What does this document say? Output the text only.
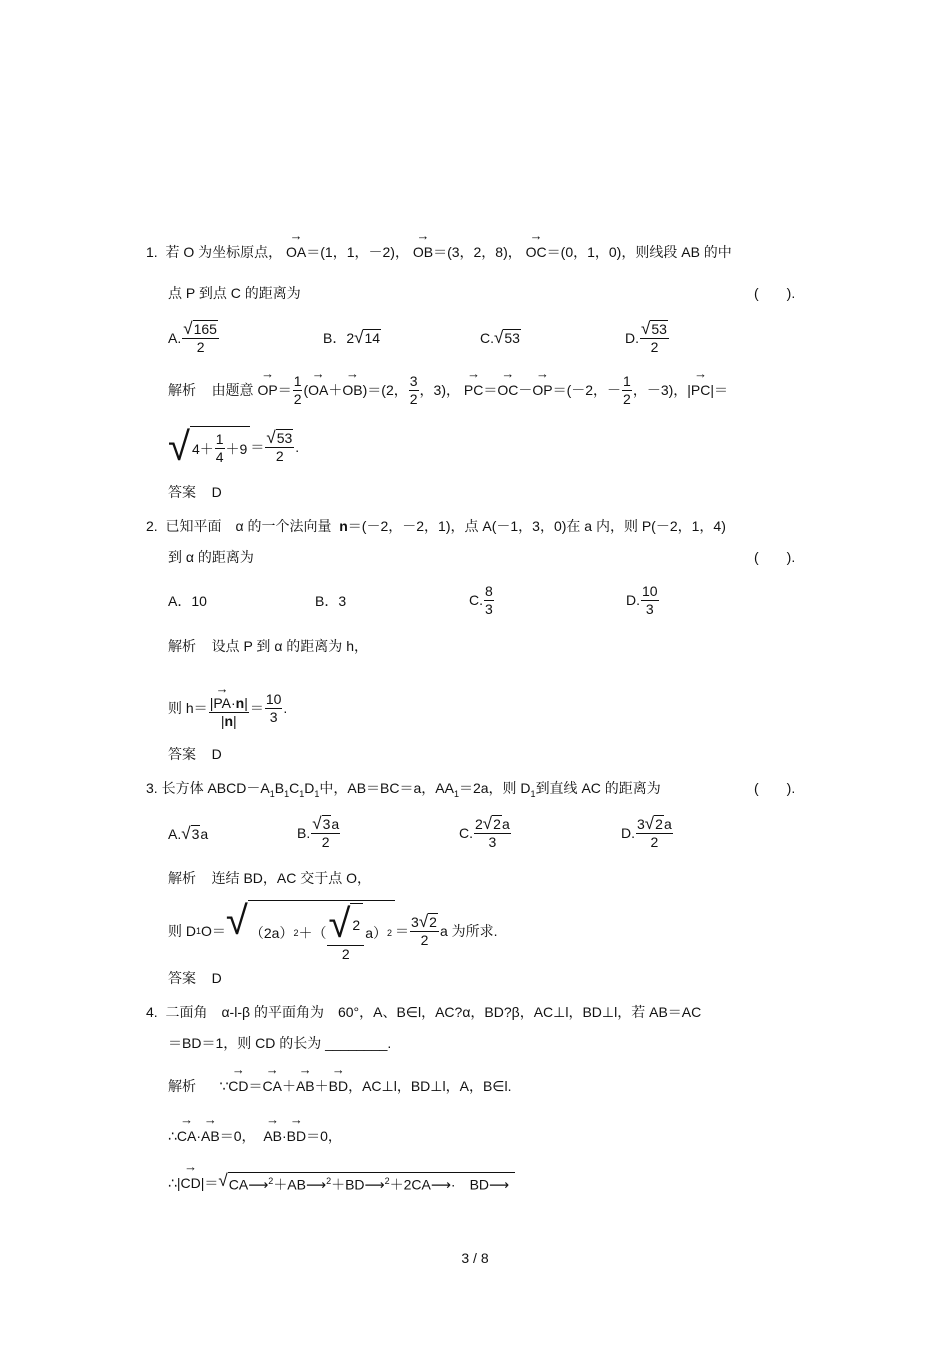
1. 若 O 为坐标原点， → OA＝(1，1，－2)， → OB＝(3，2，8)， → OC＝(0，1，0)，则线段 AB 的中
点 P 到点 C 的距离为	(　　).
A. $\frac{√ 165}{2}$	B．2 √ 14	C. √ 53	D. $\frac{√ 53}{2}$
解析
由题意
→ OP ＝ $\frac{1}{2}$ ( → OA ＋ → OB )＝(2， $\frac{3}{2}$ ，3)，
→ PC ＝ → OC － → OP ＝(－2，－ $\frac{1}{2}$ ，－3)，| → PC |＝
√ $4+ \frac{1}{4} +9 = \frac{√ 53}{2}$ .
答案 D
2. 已知平面　α 的一个法向量 n＝(－2，－2，1)，点 A(－1，3，0)在 a 内，则 P(－2，1，4)
到 α 的距离为	(　　).
A．10	B．3	C. $\frac{8}{3}$	D. $\frac{10}{3}$
解析 设点 P 到 α 的距离为 h，
则 $h= \frac{|\to PA\cdot n|}{|n|} = \frac{10}{3}$ .
答案 D
3. 长方体 $ABCD-A_1B_1C_1D_1$中，AB＝BC＝a，$AA_1=2a$，则 $D_1$到直线 AC 的距离为	(　　).
A. √ 3 a	B. $\frac{√ 3 a}{2}$	C. $\frac{2 √ 2 a}{3}$	D. $\frac{3 √ 2 a}{2}$
解析 连结 BD，AC 交于点 O，
则 D 1 O＝ √ （2a） 2 ＋（ $\frac{√ 2}{2} a$） $2 = \frac{3 √ 2}{2}$ a 为所求.
答案 D
4. 二面角　α-l-β 的平面角为　60°，A、B∈l，AC?α，BD?β，AC⊥l，BD⊥l，若 AB＝AC
＝BD＝1，则 CD 的长为 ________.
解析 ∵→ CD＝→ CA＋→ AB＋→ BD，AC⊥l，BD⊥l，A，B∈l.
∴→ CA·→ AB＝0， → AB·→ BD＝0，
∴| → CD |＝ √ CA⟶$^2$＋AB⟶$^2$＋BD⟶$^2$＋2CA⟶·　BD⟶
3 / 8
